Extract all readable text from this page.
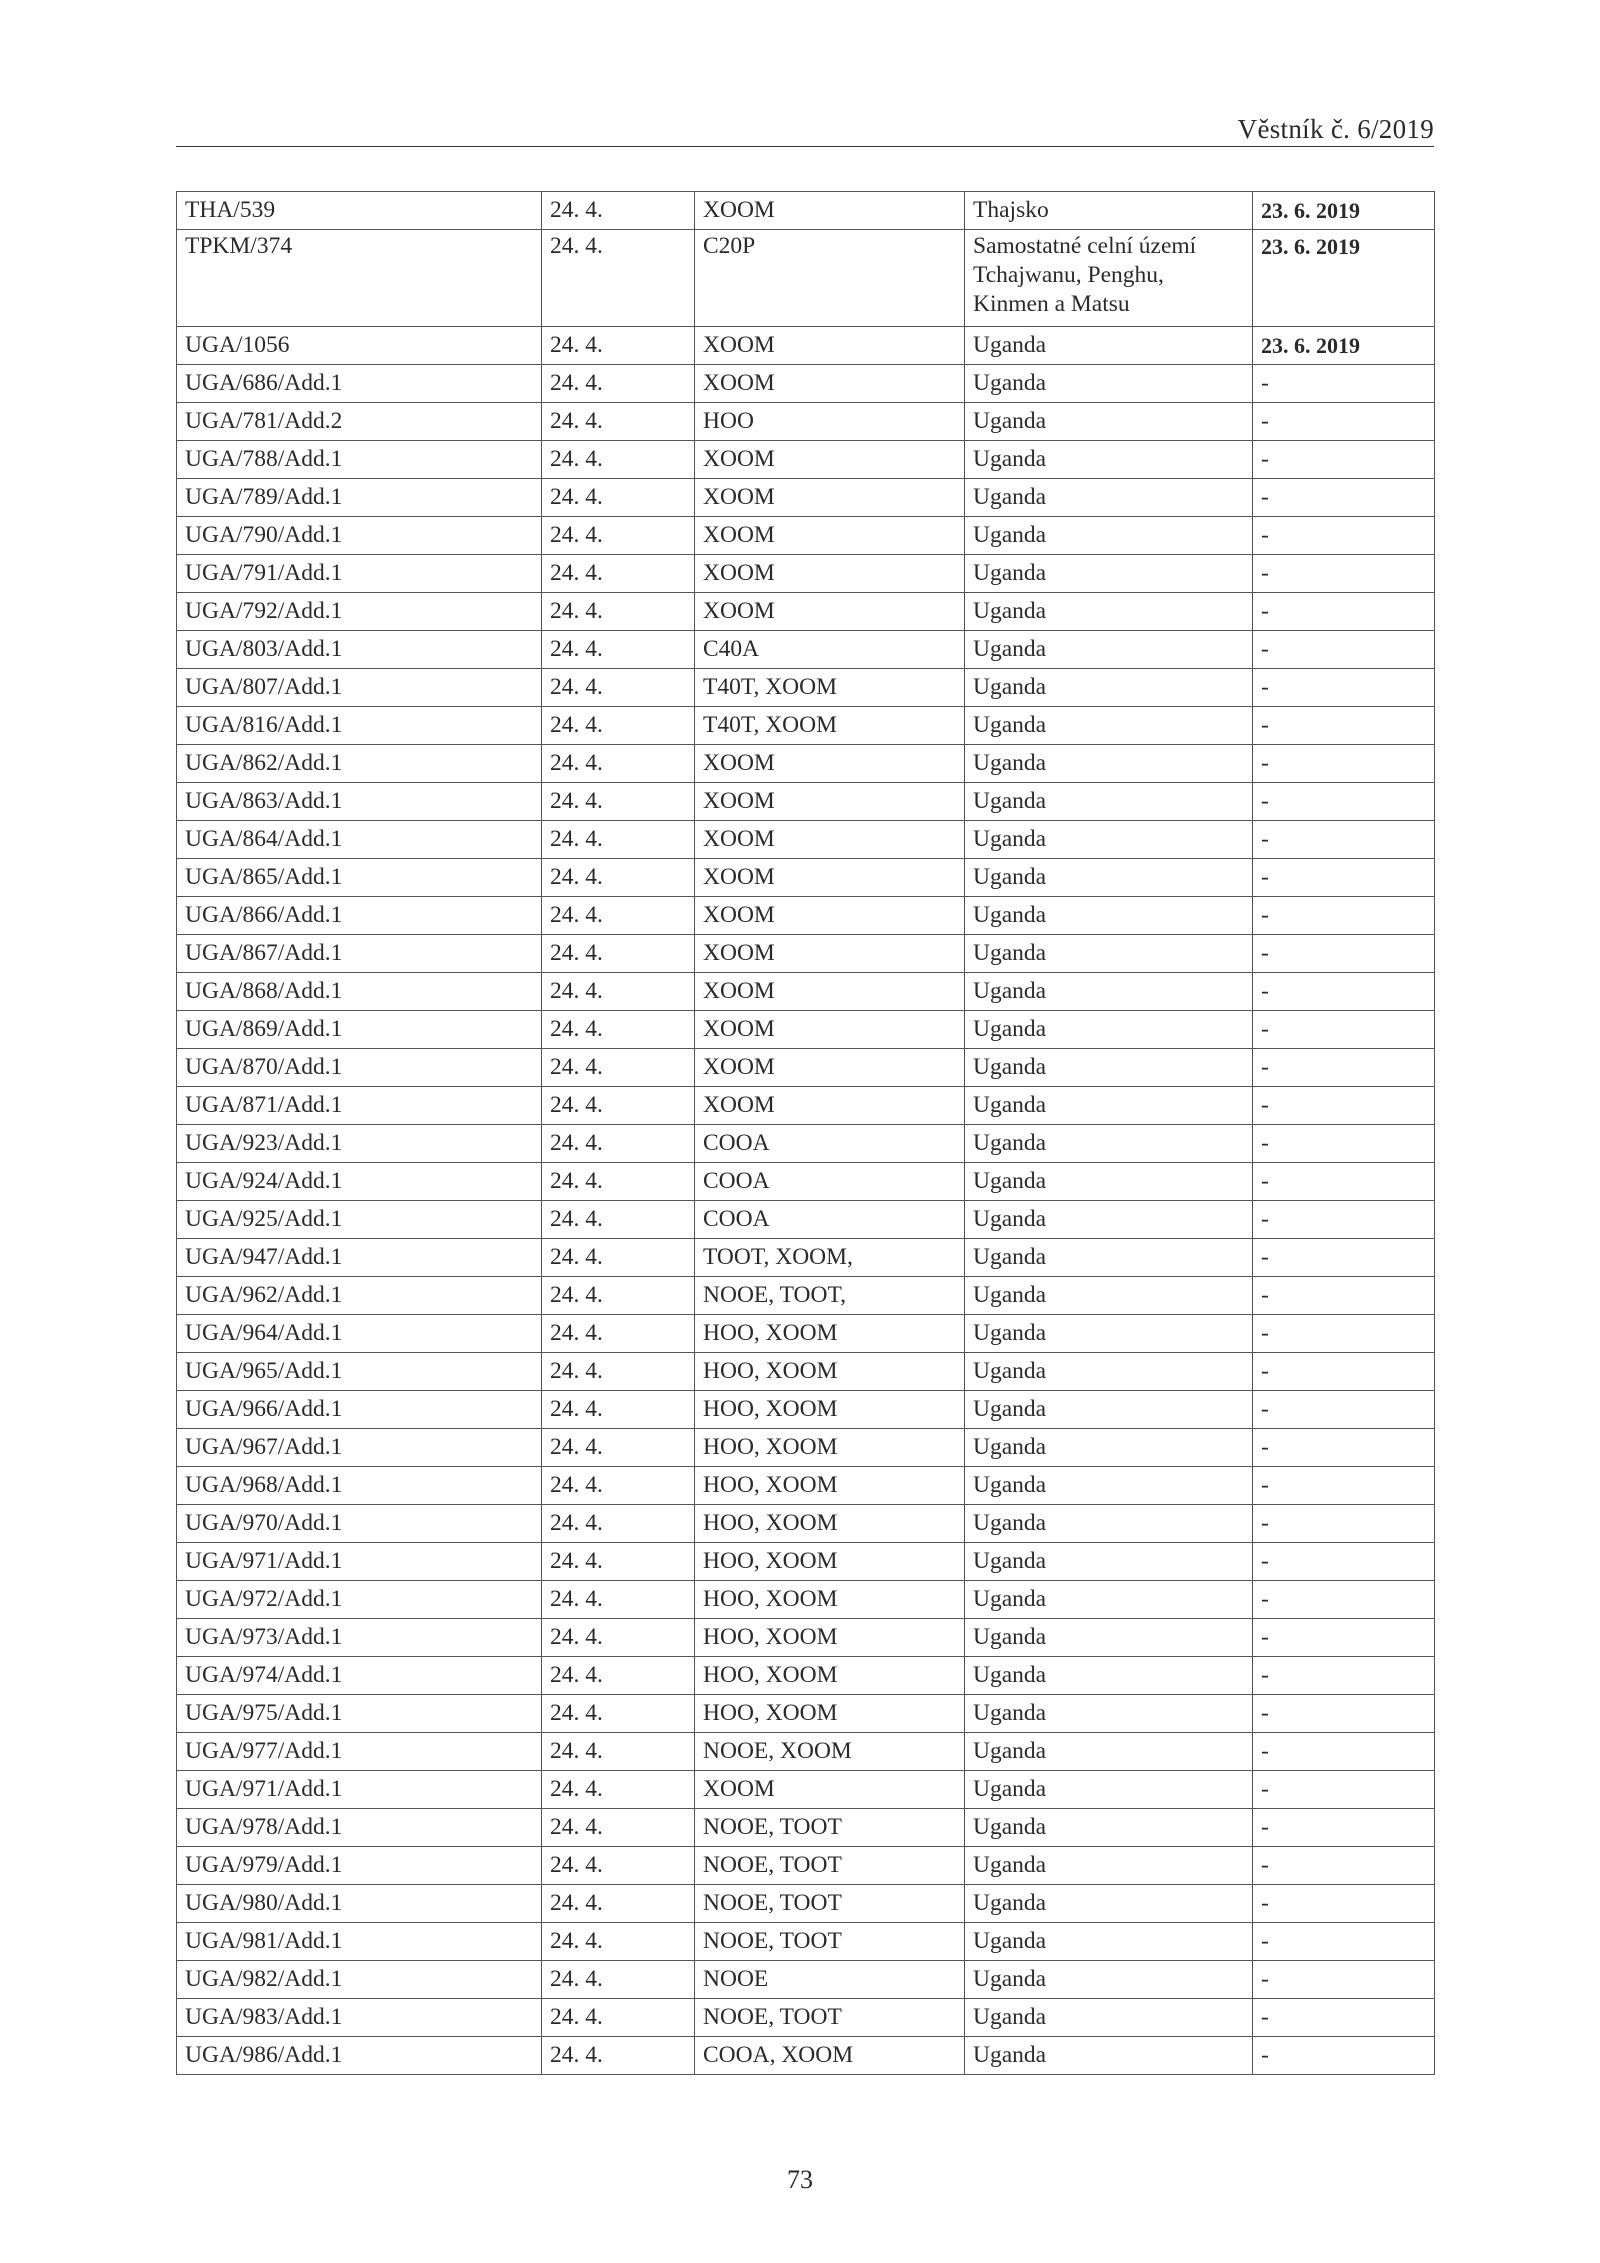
Věstník č. 6/2019
THA/539	24. 4.	XOOM	Thajsko	23. 6. 2019
TPKM/374	24. 4.	C20P	Samostatné celní území Tchajwanu, Penghu, Kinmen a Matsu	23. 6. 2019
UGA/1056	24. 4.	XOOM	Uganda	23. 6. 2019
UGA/686/Add.1	24. 4.	XOOM	Uganda	-
UGA/781/Add.2	24. 4.	HOO	Uganda	-
UGA/788/Add.1	24. 4.	XOOM	Uganda	-
UGA/789/Add.1	24. 4.	XOOM	Uganda	-
UGA/790/Add.1	24. 4.	XOOM	Uganda	-
UGA/791/Add.1	24. 4.	XOOM	Uganda	-
UGA/792/Add.1	24. 4.	XOOM	Uganda	-
UGA/803/Add.1	24. 4.	C40A	Uganda	-
UGA/807/Add.1	24. 4.	T40T, XOOM	Uganda	-
UGA/816/Add.1	24. 4.	T40T, XOOM	Uganda	-
UGA/862/Add.1	24. 4.	XOOM	Uganda	-
UGA/863/Add.1	24. 4.	XOOM	Uganda	-
UGA/864/Add.1	24. 4.	XOOM	Uganda	-
UGA/865/Add.1	24. 4.	XOOM	Uganda	-
UGA/866/Add.1	24. 4.	XOOM	Uganda	-
UGA/867/Add.1	24. 4.	XOOM	Uganda	-
UGA/868/Add.1	24. 4.	XOOM	Uganda	-
UGA/869/Add.1	24. 4.	XOOM	Uganda	-
UGA/870/Add.1	24. 4.	XOOM	Uganda	-
UGA/871/Add.1	24. 4.	XOOM	Uganda	-
UGA/923/Add.1	24. 4.	COOA	Uganda	-
UGA/924/Add.1	24. 4.	COOA	Uganda	-
UGA/925/Add.1	24. 4.	COOA	Uganda	-
UGA/947/Add.1	24. 4.	TOOT, XOOM,	Uganda	-
UGA/962/Add.1	24. 4.	NOOE, TOOT,	Uganda	-
UGA/964/Add.1	24. 4.	HOO, XOOM	Uganda	-
UGA/965/Add.1	24. 4.	HOO, XOOM	Uganda	-
UGA/966/Add.1	24. 4.	HOO, XOOM	Uganda	-
UGA/967/Add.1	24. 4.	HOO, XOOM	Uganda	-
UGA/968/Add.1	24. 4.	HOO, XOOM	Uganda	-
UGA/970/Add.1	24. 4.	HOO, XOOM	Uganda	-
UGA/971/Add.1	24. 4.	HOO, XOOM	Uganda	-
UGA/972/Add.1	24. 4.	HOO, XOOM	Uganda	-
UGA/973/Add.1	24. 4.	HOO, XOOM	Uganda	-
UGA/974/Add.1	24. 4.	HOO, XOOM	Uganda	-
UGA/975/Add.1	24. 4.	HOO, XOOM	Uganda	-
UGA/977/Add.1	24. 4.	NOOE, XOOM	Uganda	-
UGA/971/Add.1	24. 4.	XOOM	Uganda	-
UGA/978/Add.1	24. 4.	NOOE, TOOT	Uganda	-
UGA/979/Add.1	24. 4.	NOOE, TOOT	Uganda	-
UGA/980/Add.1	24. 4.	NOOE, TOOT	Uganda	-
UGA/981/Add.1	24. 4.	NOOE, TOOT	Uganda	-
UGA/982/Add.1	24. 4.	NOOE	Uganda	-
UGA/983/Add.1	24. 4.	NOOE, TOOT	Uganda	-
UGA/986/Add.1	24. 4.	COOA, XOOM	Uganda	-
73
